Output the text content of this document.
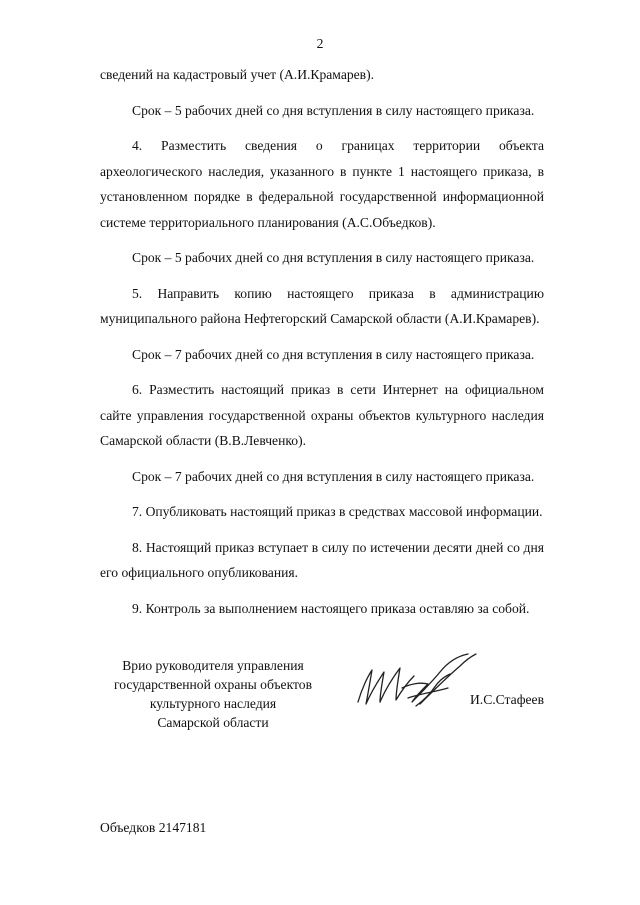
2

сведений на кадастровый учет (А.И.Крамарев).

Срок – 5 рабочих дней со дня вступления в силу настоящего приказа.

4. Разместить сведения о границах территории объекта археологического наследия, указанного в пункте 1 настоящего приказа, в установленном порядке в федеральной государственной информационной системе территориального планирования (А.С.Объедков).

Срок – 5 рабочих дней со дня вступления в силу настоящего приказа.

5. Направить копию настоящего приказа в администрацию муниципального района Нефтегорский Самарской области (А.И.Крамарев).

Срок – 7 рабочих дней со дня вступления в силу настоящего приказа.

6. Разместить настоящий приказ в сети Интернет на официальном сайте управления государственной охраны объектов культурного наследия Самарской области (В.В.Левченко).

Срок – 7 рабочих дней со дня вступления в силу настоящего приказа.

7. Опубликовать настоящий приказ в средствах массовой информации.

8. Настоящий приказ вступает в силу по истечении десяти дней со дня его официального опубликования.

9. Контроль за выполнением настоящего приказа оставляю за собой.

Врио руководителя управления
государственной охраны объектов
культурного наследия
Самарской области
И.С.Стафеев
Объедков 2147181
